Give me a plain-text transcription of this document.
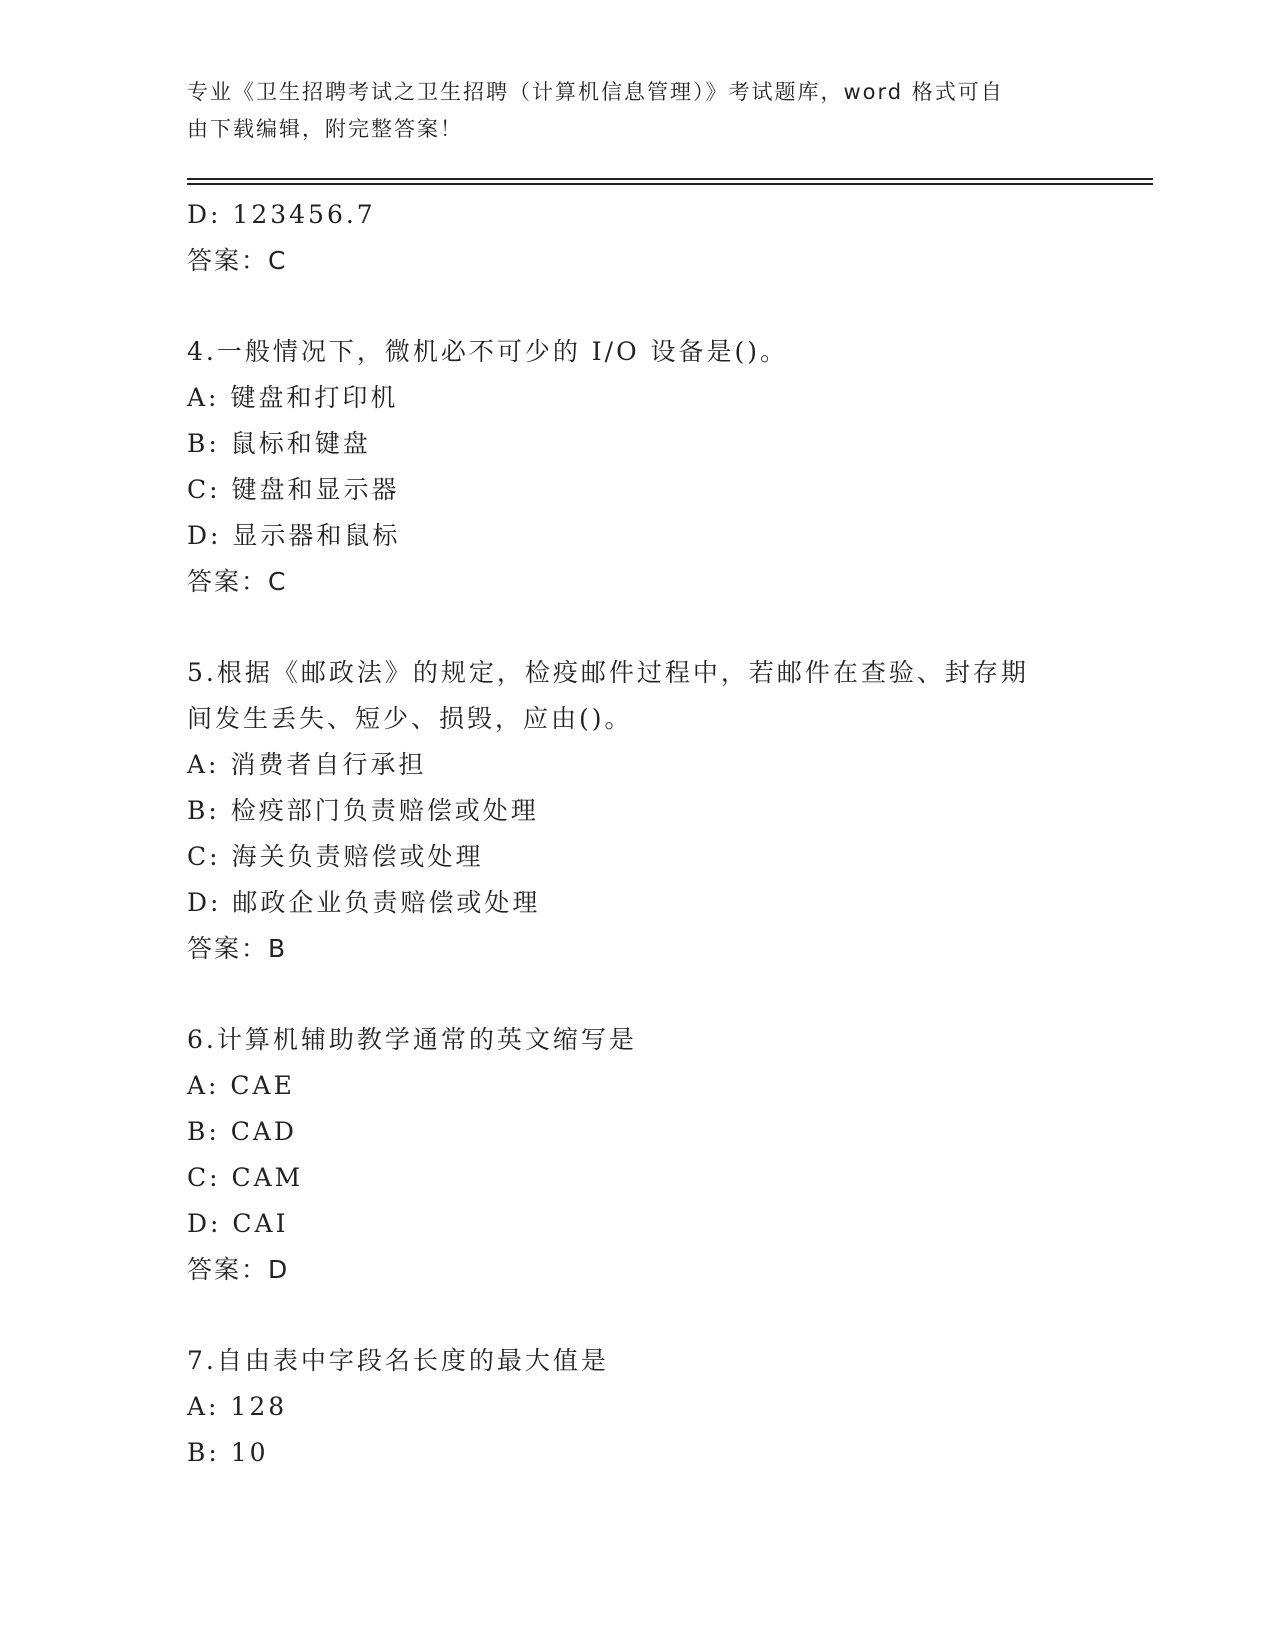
专业《卫生招聘考试之卫生招聘（计算机信息管理）》考试题库，word 格式可自
由下载编辑，附完整答案！
D: 123456.7
答案：C
4.一般情况下，微机必不可少的 I/O 设备是()。
A: 键盘和打印机
B: 鼠标和键盘
C: 键盘和显示器
D: 显示器和鼠标
答案：C
5.根据《邮政法》的规定，检疫邮件过程中，若邮件在查验、封存期
间发生丢失、短少、损毁，应由()。
A: 消费者自行承担
B: 检疫部门负责赔偿或处理
C: 海关负责赔偿或处理
D: 邮政企业负责赔偿或处理
答案：B
6.计算机辅助教学通常的英文缩写是
A: CAE
B: CAD
C: CAM
D: CAI
答案：D
7.自由表中字段名长度的最大值是
A: 128
B: 10
